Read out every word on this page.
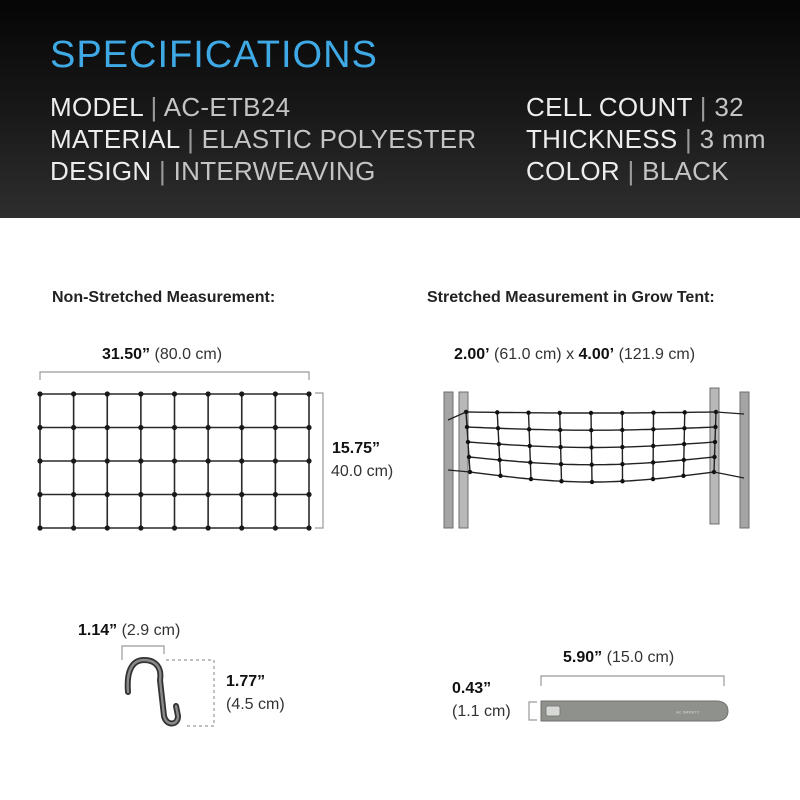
SPECIFICATIONS
MODEL | AC-ETB24
MATERIAL | ELASTIC POLYESTER
DESIGN | INTERWEAVING
CELL COUNT | 32
THICKNESS | 3 mm
COLOR | BLACK
Non-Stretched Measurement:	Stretched Measurement in Grow Tent:
31.50” (80.0 cm)
15.75”
40.0 cm)
2.00’ (61.0 cm) x 4.00’ (121.9 cm)
1.14” (2.9 cm)
1.77”
(4.5 cm)
5.90” (15.0 cm)
0.43”
(1.1 cm)	AC INFINITY
